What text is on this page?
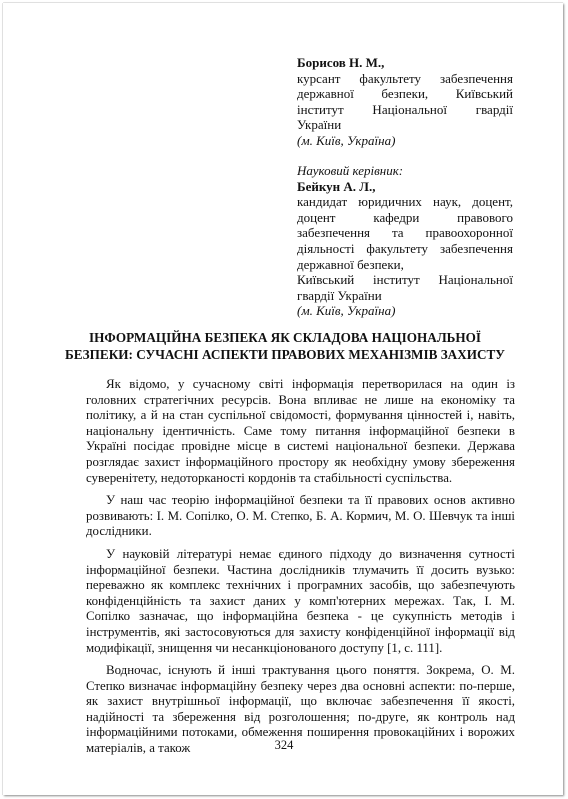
Борисов Н. М.,
курсант факультету забезпечення
державної безпеки, Київський
інститут Національної гвардії
України
(м. Київ, Україна)
Науковий керівник:
Бейкун А. Л.,
кандидат юридичних наук, доцент,
доцент кафедри правового
забезпечення та правоохоронної
діяльності факультету забезпечення
державної безпеки,
Київський інститут Національної
гвардії України
(м. Київ, Україна)
ІНФОРМАЦІЙНА БЕЗПЕКА ЯК СКЛАДОВА НАЦІОНАЛЬНОЇ БЕЗПЕКИ: СУЧАСНІ АСПЕКТИ ПРАВОВИХ МЕХАНІЗМІВ ЗАХИСТУ

Як відомо, у сучасному світі інформація перетворилася на один із головних стратегічних ресурсів. Вона впливає не лише на економіку та політику, а й на стан суспільної свідомості, формування цінностей і, навіть, національну ідентичність. Саме тому питання інформаційної безпеки в Україні посідає провідне місце в системі національної безпеки. Держава розглядає захист інформаційного простору як необхідну умову збереження суверенітету, недоторканості кордонів та стабільності суспільства.

У наш час теорію інформаційної безпеки та її правових основ активно розвивають: І. М. Сопілко, О. М. Степко, Б. А. Кормич, М. О. Шевчук та інші дослідники.

У науковій літературі немає єдиного підходу до визначення сутності інформаційної безпеки. Частина дослідників тлумачить її досить вузько: переважно як комплекс технічних і програмних засобів, що забезпечують конфіденційність та захист даних у комп'ютерних мережах. Так, І. М. Сопілко зазначає, що інформаційна безпека - це сукупність методів і інструментів, які застосовуються для захисту конфіденційної інформації від модифікації, знищення чи несанкціонованого доступу [1, с. 111].

Водночас, існують й інші трактування цього поняття. Зокрема, О. М. Степко визначає інформаційну безпеку через два основні аспекти: по-перше, як захист внутрішньої інформації, що включає забезпечення її якості, надійності та збереження від розголошення; по-друге, як контроль над інформаційними потоками, обмеження поширення провокаційних і ворожих матеріалів, а також	324
